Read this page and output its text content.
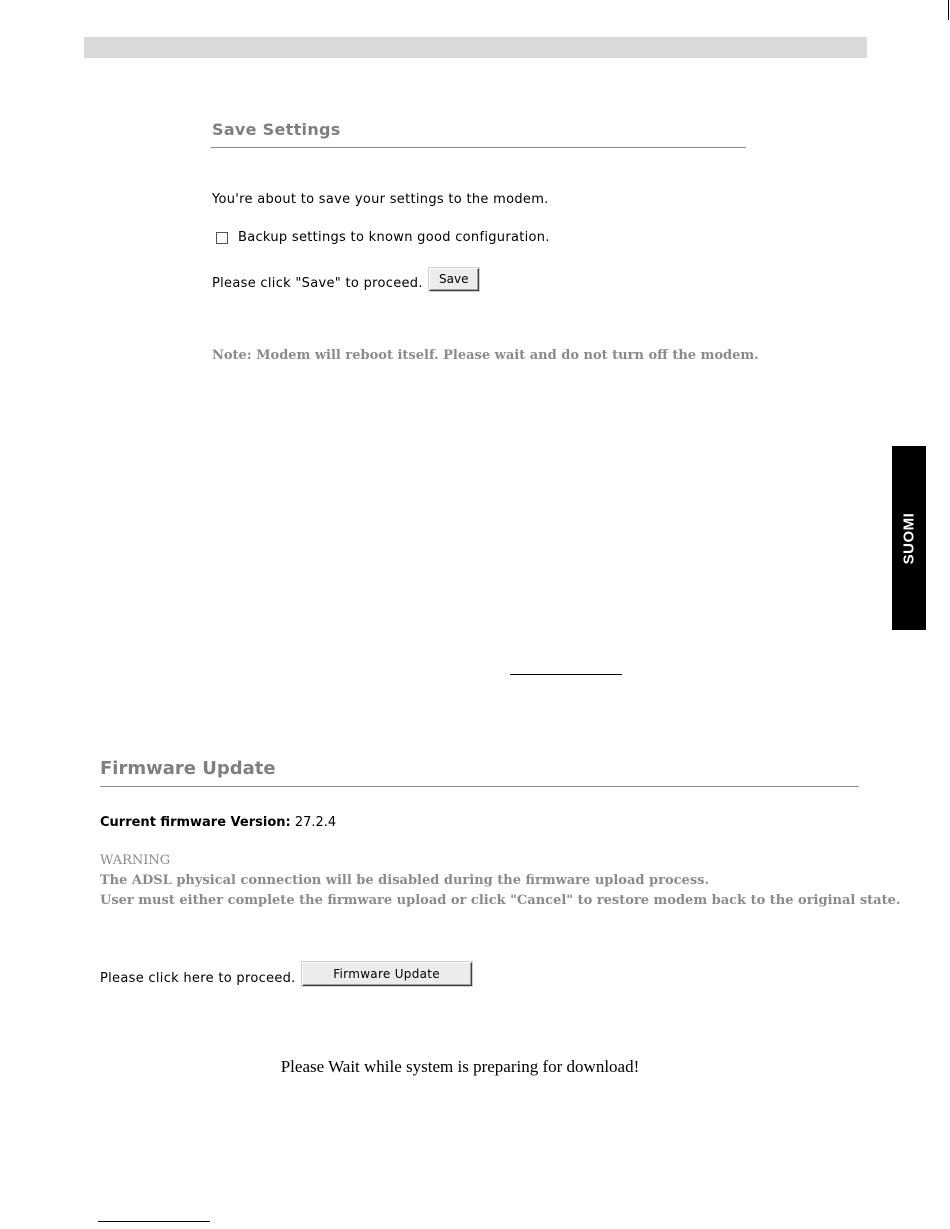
Save Settings
You're about to save your settings to the modem.
Backup settings to known good configuration.
Please click "Save" to proceed.	Save
Note: Modem will reboot itself. Please wait and do not turn off the modem.
SUOMI
Firmware Update
Current firmware Version: 27.2.4
WARNING
The ADSL physical connection will be disabled during the firmware upload process.
User must either complete the firmware upload or click "Cancel" to restore modem back to the original state.
Please click here to proceed.	Firmware Update
Please Wait while system is preparing for download!
